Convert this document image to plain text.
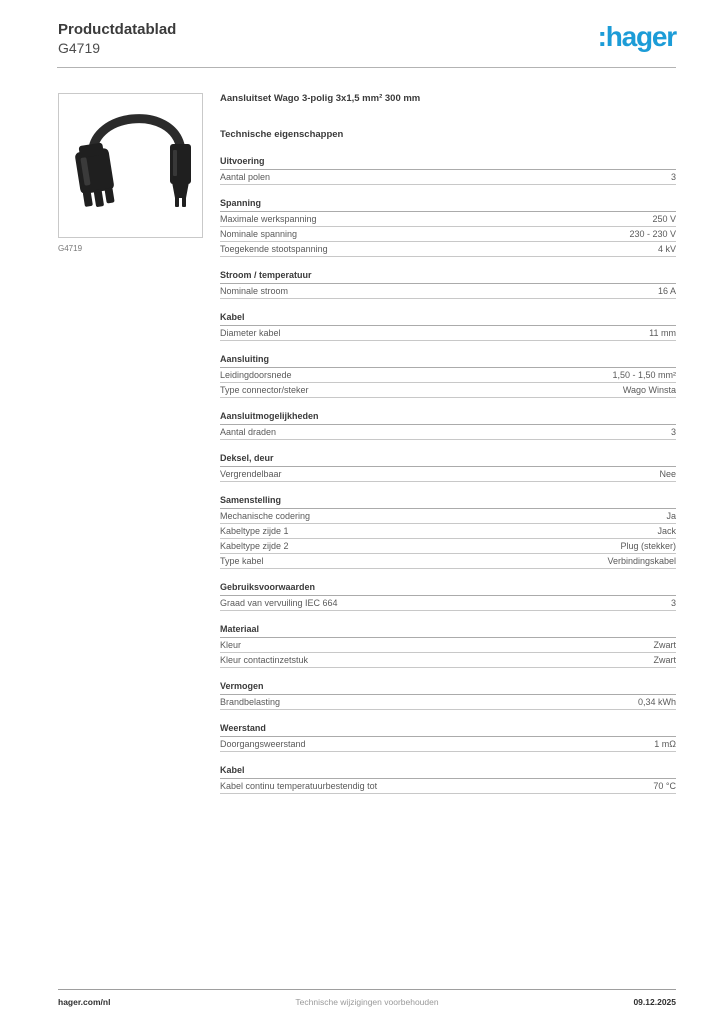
Productdatablad
G4719	:hager
G4719
Aansluitset Wago 3-polig 3x1,5 mm² 300 mm
Technische eigenschappen
Uitvoering
Aantal polen	3
Spanning
Maximale werkspanning	250 V
Nominale spanning	230 - 230 V
Toegekende stootspanning	4 kV
Stroom / temperatuur
Nominale stroom	16 A
Kabel
Diameter kabel	11 mm
Aansluiting
Leidingdoorsnede	1,50 - 1,50 mm²
Type connector/steker	Wago Winsta
Aansluitmogelijkheden
Aantal draden	3
Deksel, deur
Vergrendelbaar	Nee
Samenstelling
Mechanische codering	Ja
Kabeltype zijde 1	Jack
Kabeltype zijde 2	Plug (stekker)
Type kabel	Verbindingskabel
Gebruiksvoorwaarden
Graad van vervuiling IEC 664	3
Materiaal
Kleur	Zwart
Kleur contactinzetstuk	Zwart
Vermogen
Brandbelasting	0,34 kWh
Weerstand
Doorgangsweerstand	1 mΩ
Kabel
Kabel continu temperatuurbestendig tot	70 °C
hager.com/nl	Technische wijzigingen voorbehouden	09.12.2025
